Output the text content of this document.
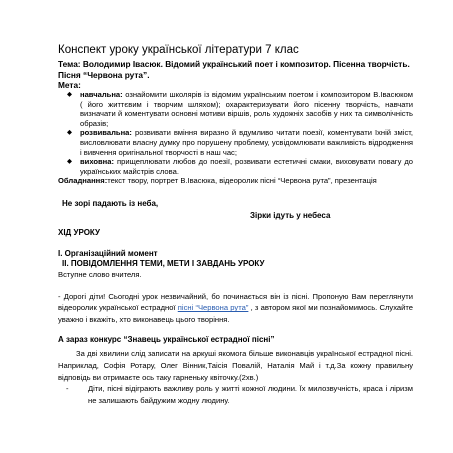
Конспект уроку української літератури 7 клас

Тема: Володимир Івасюк. Відомий український поет і композитор. Пісенна творчість. Пісня “Червона рута”.

Мета:

◆ навчальна: ознайомити школярів із відомим українським поетом і композитором В.Івасюком ( його життєвим і творчим шляхом); охарактеризувати його пісенну творчість, навчати визначати й коментувати основні мотиви віршів, роль художніх засобів у них та символічність образів;
◆ розвивальна: розвивати вміння виразно й вдумливо читати поезії, коментувати їхній зміст, висловлювати власну думку про порушену проблему, усвідомлювати важливість відродження і вивчення оригінальної творчості в наш час;
◆ виховна: прищеплювати любов до поезії, розвивати естетичні смаки, виховувати повагу до українських майстрів слова.

Обладнання:текст твору, портрет В.Івасюка, відеоролик пісні “Червона рута”, презентація

Не зорі падають із неба,
Зірки ідуть у небеса
ХІД УРОКУ
І. Організаційний момент
ІІ. ПОВІДОМЛЕННЯ ТЕМИ, МЕТИ І ЗАВДАНЬ УРОКУ

Вступне слово вчителя.

- Дорогі діти! Сьогодні урок незвичайний, бо починається він із пісні. Пропоную Вам переглянути відеоролик української естрадної пісні “Червона рута” , з автором якої ми познайомимось. Слухайте уважно і вкажіть, хто виконавець цього творіння.

А зараз конкурс “Знавець української естрадної пісні”

За дві хвилини слід записати на аркуші якомога більше виконавців української естрадної пісні. Наприклад, Софія Ротару, Олег Вінник,Таісія Повалій, Наталія Май і т.д.За кожну правильну відповідь ви отримаєте ось таку гарненьку квіточку.(2хв.)

-	Діти, пісні відіграють важливу роль у житті кожної людини. Їх милозвучність, краса і ліризм не залишають байдужим жодну людину.
